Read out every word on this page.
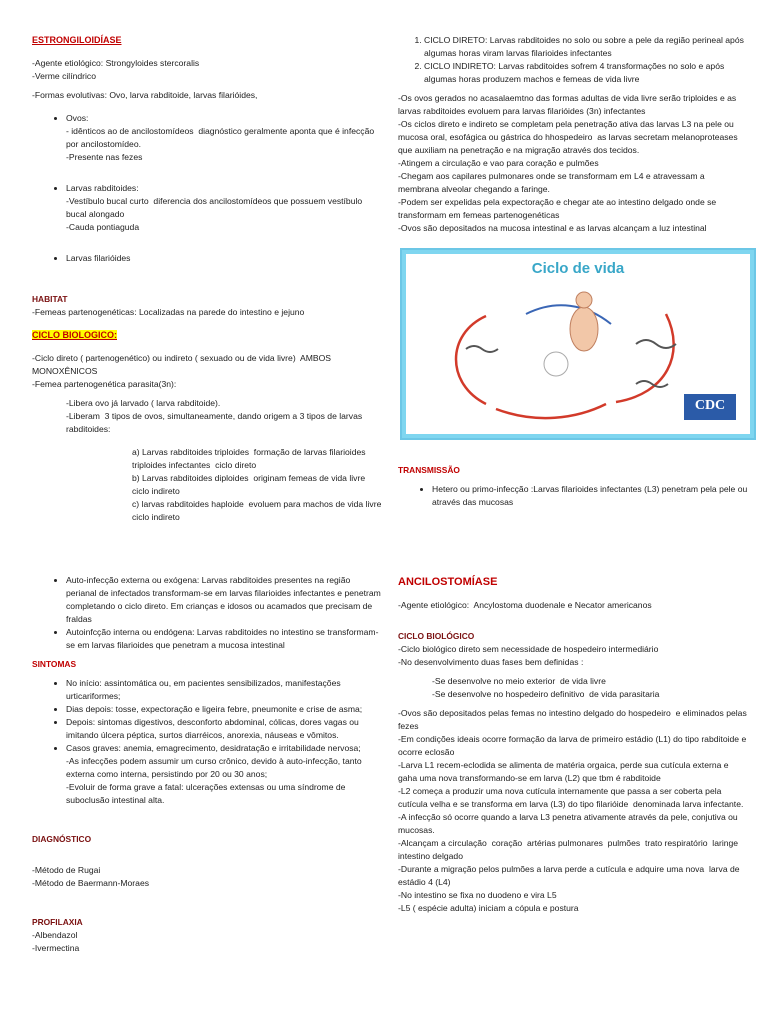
ESTRONGILOIDÍASE

-Agente etiológico: Strongyloides stercoralis

-Verme cilíndrico

-Formas evolutivas: Ovo, larva rabditoide, larvas filarióides,

• Ovos:

- idênticos ao de ancilostomídeos  diagnóstico geralmente aponta que é infecção por ancilostomídeo.

-Presente nas fezes

• Larvas rabditoides:

-Vestíbulo bucal curto  diferencia dos ancilostomídeos que possuem vestíbulo bucal alongado

-Cauda pontiaguda

• Larvas filarióides

HABITAT

-Femeas partenogenéticas: Localizadas na parede do intestino e jejuno

CICLO BIOLOGICO:

-Ciclo direto ( partenogenético) ou indireto ( sexuado ou de vida livre)  AMBOS MONOXÊNICOS

-Femea partenogenética parasita(3n):

-Libera ovo já larvado ( larva rabditoide).

-Liberam  3 tipos de ovos, simultaneamente, dando origem a 3 tipos de larvas rabditoides:

a) Larvas rabditoides triploides  formação de larvas filarioides triploides infectantes  ciclo direto

b) Larvas rabditoides diploides  originam femeas de vida livre  ciclo indireto

c) larvas rabditoides haploide  evoluem para machos de vida livre  ciclo indireto

1. CICLO DIRETO: Larvas rabditoides no solo ou sobre a pele da região perineal após algumas horas viram larvas filarioides infectantes
2. CICLO INDIRETO: Larvas rabditoides sofrem 4 transformações no solo e após algumas horas produzem machos e femeas de vida livre

-Os ovos gerados no acasalaemtno das formas adultas de vida livre serão triploides e as larvas rabditoides evoluem para larvas filarióides (3n) infectantes

-Os ciclos direto e indireto se completam pela penetração ativa das larvas L3 na pele ou mucosa oral, esofágica ou gástrica do hhospedeiro  as larvas secretam melanoproteases que auxiliam na penetração e na migração através dos tecidos.

-Atingem a circulação e vao para coração e pulmões

-Chegam aos capilares pulmonares onde se transformam em L4 e atravessam a membrana alveolar chegando a faringe.

-Podem ser expelidas pela expectoração e chegar ate ao intestino delgado onde se transformam em femeas partenogenéticas

-Ovos são depositados na mucosa intestinal e as larvas alcançam a luz intestinal

Ciclo de vida
CDC

TRANSMISSÃO

• Hetero ou primo-infecção :Larvas filarioides infectantes (L3) penetram pela pele ou através das mucosas
• Auto-infecção externa ou exógena: Larvas rabditoides presentes na região perianal de infectados transformam-se em larvas filarioides infectantes e penetram completando o ciclo direto. Em crianças e idosos ou acamados que precisam de fraldas
• Autoinfcção interna ou endógena: Larvas rabditoides no intestino se transformam-se em larvas filarioides que penetram a mucosa intestinal

SINTOMAS

• No início: assintomática ou, em pacientes sensibilizados, manifestações urticariformes;
• Dias depois: tosse, expectoração e ligeira febre, pneumonite e crise de asma;
• Depois: sintomas digestivos, desconforto abdominal, cólicas, dores vagas ou imitando úlcera péptica, surtos diarréicos, anorexia, náuseas e vômitos.
• Casos graves: anemia, emagrecimento, desidratação e irritabilidade nervosa;

-As infecções podem assumir um curso crônico, devido à auto-infecção, tanto externa como interna, persistindo por 20 ou 30 anos;

-Evoluir de forma grave a fatal: ulcerações extensas ou uma síndrome de suboclusão intestinal alta.

DIAGNÓSTICO

-Método de Rugai

-Método de Baermann-Moraes

PROFILAXIA

-Albendazol

-Ivermectina

ANCILOSTOMÍASE

-Agente etiológico:  Ancylostoma duodenale e Necator americanos

CICLO BIOLÓGICO

-Ciclo biológico direto sem necessidade de hospedeiro intermediário

-No desenvolvimento duas fases bem definidas :

-Se desenvolve no meio exterior  de vida livre

-Se desenvolve no hospedeiro definitivo  de vida parasitaria

-Ovos são depositados pelas femas no intestino delgado do hospedeiro  e eliminados pelas fezes

-Em condições ideais ocorre formação da larva de primeiro estádio (L1) do tipo rabditoide e ocorre eclosão

-Larva L1 recem-eclodida se alimenta de matéria orgaica, perde sua cutícula externa e gaha uma nova transformando-se em larva (L2) que tbm é rabditoide

-L2 começa a produzir uma nova cutícula internamente que passa a ser coberta pela cutícula velha e se transforma em larva (L3) do tipo filarióide  denominada larva infectante.

-A infecção só ocorre quando a larva L3 penetra ativamente através da pele, conjutiva ou mucosas.

-Alcançam a circulação  coração  artérias pulmonares  pulmões  trato respiratório  laringe  intestino delgado

-Durante a migração pelos pulmões a larva perde a cutícula e adquire uma nova  larva de estádio 4 (L4)

-No intestino se fixa no duodeno e vira L5

-L5 ( espécie adulta) iniciam a cópula e postura
